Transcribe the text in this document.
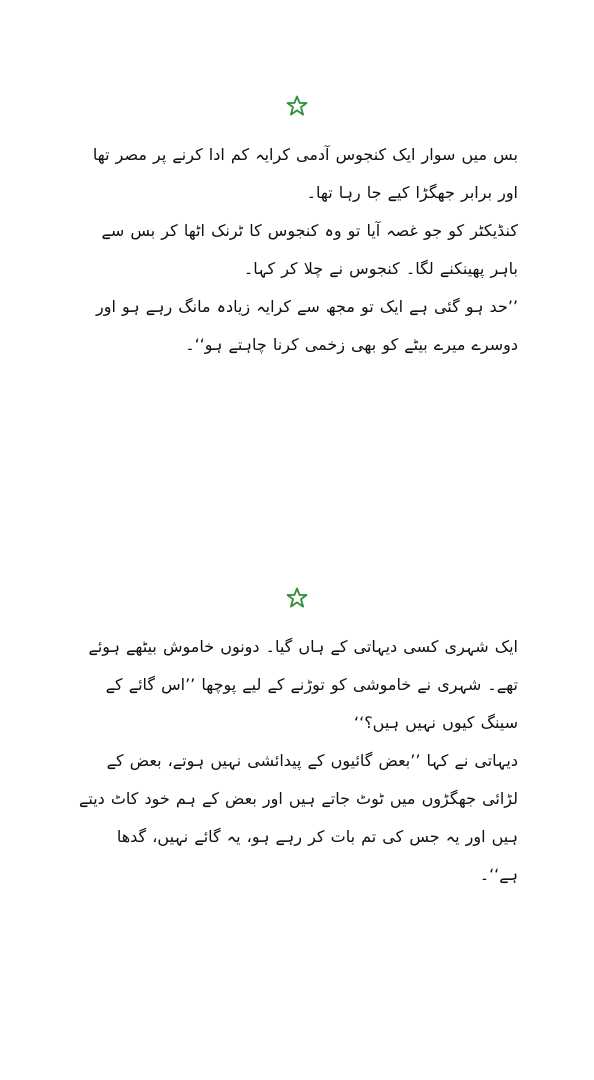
بس میں سوار ایک کنجوس آدمی کرایہ کم ادا کرنے پر مصر تھا اور برابر جھگڑا کیے جا رہا تھا۔

کنڈیکٹر کو جو غصہ آیا تو وہ کنجوس کا ٹرنک اٹھا کر بس سے باہر پھینکنے لگا۔ کنجوس نے چلا کر کہا۔

’’حد ہو گئی ہے ایک تو مجھ سے کرایہ زیادہ مانگ رہے ہو اور دوسرے میرے بیٹے کو بھی زخمی کرنا چاہتے ہو‘‘۔

ایک شہری کسی دیہاتی کے ہاں گیا۔ دونوں خاموش بیٹھے ہوئے تھے۔ شہری نے خاموشی کو توڑنے کے لیے پوچھا ’’اس گائے کے سینگ کیوں نہیں ہیں؟‘‘

دیہاتی نے کہا ’’بعض گائیوں کے پیدائشی نہیں ہوتے، بعض کے لڑائی جھگڑوں میں ٹوٹ جاتے ہیں اور بعض کے ہم خود کاٹ دیتے ہیں اور یہ جس کی تم بات کر رہے ہو، یہ گائے نہیں، گدھا ہے‘‘۔
